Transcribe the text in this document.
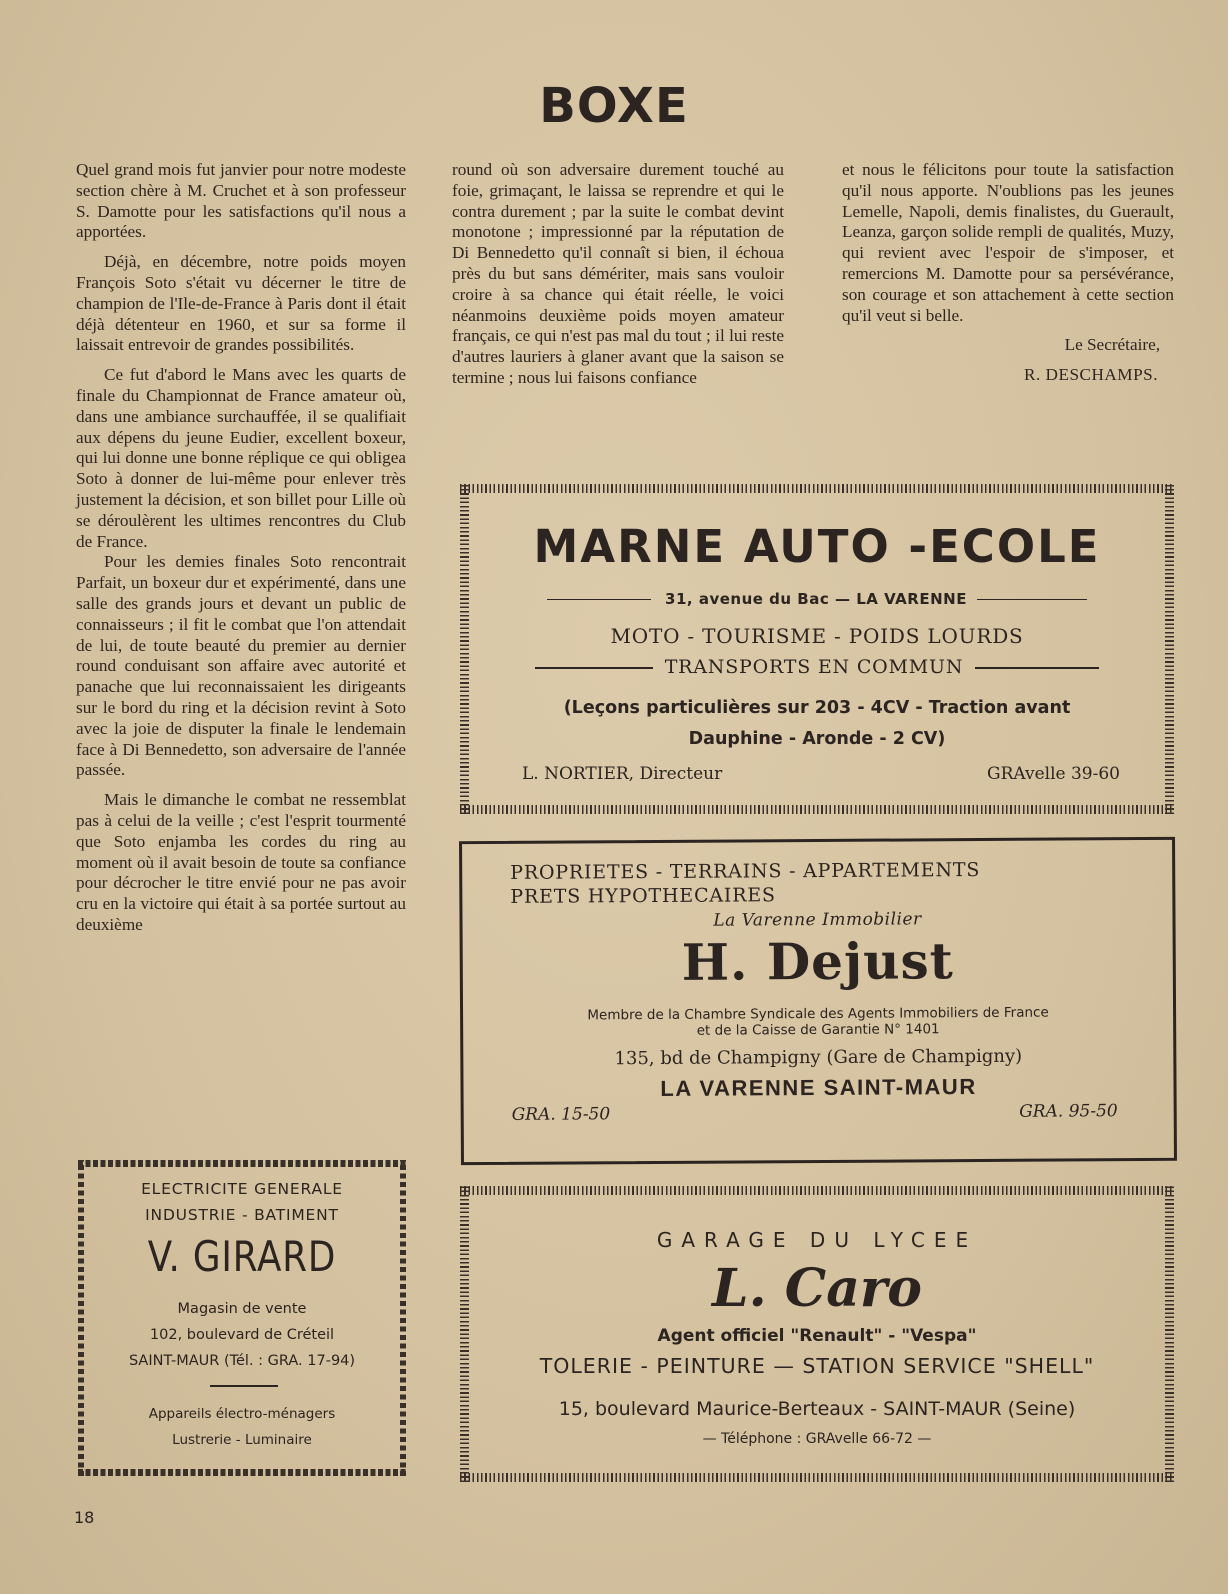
BOXE

Quel grand mois fut janvier pour notre modeste section chère à M. Cruchet et à son professeur S. Damotte pour les satisfactions qu'il nous a apportées.

Déjà, en décembre, notre poids moyen François Soto s'était vu décerner le titre de champion de l'Ile-de-France à Paris dont il était déjà détenteur en 1960, et sur sa forme il laissait entrevoir de grandes possibilités.

Ce fut d'abord le Mans avec les quarts de finale du Championnat de France amateur où, dans une ambiance surchauffée, il se qualifiait aux dépens du jeune Eudier, excellent boxeur, qui lui donne une bonne réplique ce qui obligea Soto à donner de lui-même pour enlever très justement la décision, et son billet pour Lille où se déroulèrent les ultimes rencontres du Club de France.

Pour les demies finales Soto rencontrait Parfait, un boxeur dur et expérimenté, dans une salle des grands jours et devant un public de connaisseurs ; il fit le combat que l'on attendait de lui, de toute beauté du premier au dernier round conduisant son affaire avec autorité et panache que lui reconnaissaient les dirigeants sur le bord du ring et la décision revint à Soto avec la joie de disputer la finale le lendemain face à Di Bennedetto, son adversaire de l'année passée.

Mais le dimanche le combat ne ressemblat pas à celui de la veille ; c'est l'esprit tourmenté que Soto enjamba les cordes du ring au moment où il avait besoin de toute sa confiance pour décrocher le titre envié pour ne pas avoir cru en la victoire qui était à sa portée surtout au deuxième

round où son adversaire durement touché au foie, grimaçant, le laissa se reprendre et qui le contra durement ; par la suite le combat devint monotone ; impressionné par la réputation de Di Bennedetto qu'il connaît si bien, il échoua près du but sans démériter, mais sans vouloir croire à sa chance qui était réelle, le voici néanmoins deuxième poids moyen amateur français, ce qui n'est pas mal du tout ; il lui reste d'autres lauriers à glaner avant que la saison se termine ; nous lui faisons confiance

et nous le félicitons pour toute la satisfaction qu'il nous apporte. N'oublions pas les jeunes Lemelle, Napoli, demis finalistes, du Guerault, Leanza, garçon solide rempli de qualités, Muzy, qui revient avec l'espoir de s'imposer, et remercions M. Damotte pour sa persévérance, son courage et son attachement à cette section qu'il veut si belle.

Le Secrétaire,

R. DESCHAMPS.

MARNE AUTO -ECOLE
31, avenue du Bac — LA VARENNE
MOTO - TOURISME - POIDS LOURDS
TRANSPORTS EN COMMUN
(Leçons particulières sur 203 - 4CV - Traction avant
Dauphine - Aronde - 2 CV)
L. NORTIER, Directeur	GRAvelle 39-60
PROPRIETES - TERRAINS - APPARTEMENTS
PRETS HYPOTHECAIRES
La Varenne Immobilier
H. Dejust
Membre de la Chambre Syndicale des Agents Immobiliers de France
et de la Caisse de Garantie N° 1401
135, bd de Champigny (Gare de Champigny)
LA VARENNE SAINT-MAUR
GRA. 15-50	GRA. 95-50
GARAGE DU LYCEE
L. Caro
Agent officiel "Renault" - "Vespa"
TOLERIE - PEINTURE — STATION SERVICE "SHELL"
15, boulevard Maurice-Berteaux - SAINT-MAUR (Seine)
— Téléphone : GRAvelle 66-72 —
ELECTRICITE GENERALE
INDUSTRIE - BATIMENT
V. GIRARD
Magasin de vente
102, boulevard de Créteil
SAINT-MAUR (Tél. : GRA. 17-94)
Appareils électro-ménagers
Lustrerie - Luminaire
18
